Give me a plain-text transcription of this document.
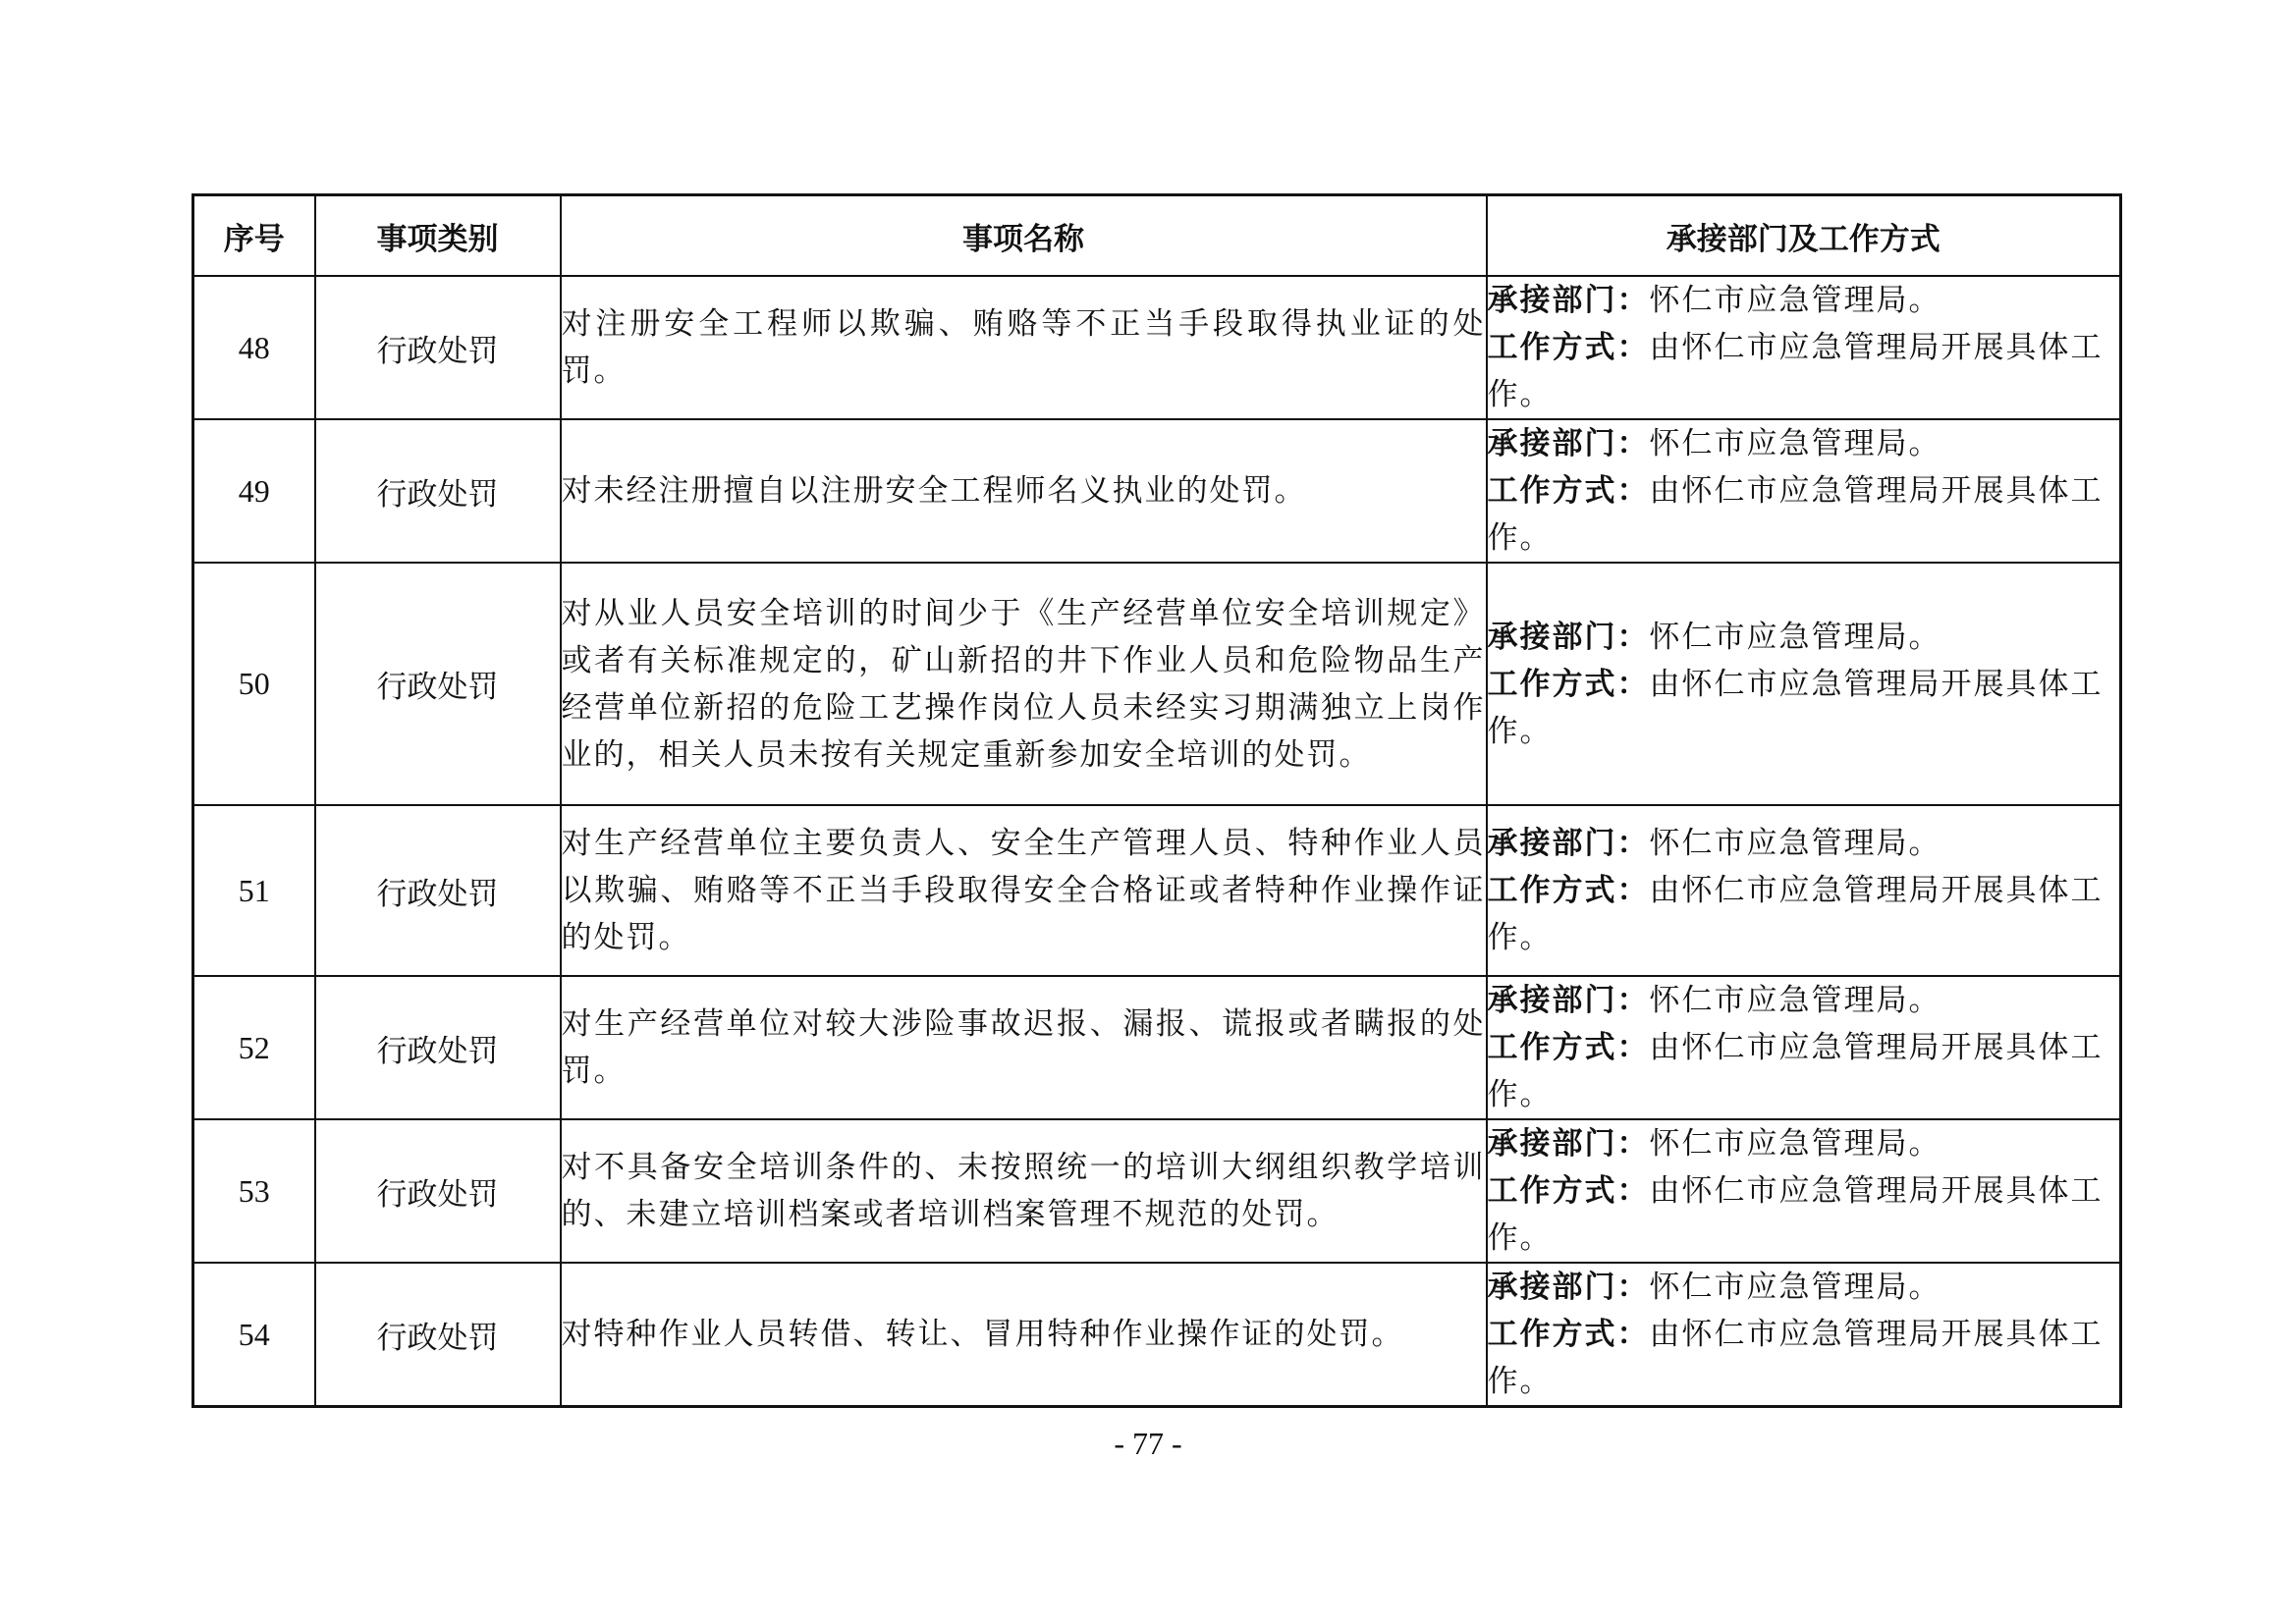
序号	事项类别	事项名称	承接部门及工作方式
48	行政处罚	对注册安全工程师以欺骗、贿赂等不正当手段取得执业证的处罚。	承接部门：怀仁市应急管理局。
工作方式：由怀仁市应急管理局开展具体工作。

49	行政处罚	对未经注册擅自以注册安全工程师名义执业的处罚。	承接部门：怀仁市应急管理局。
工作方式：由怀仁市应急管理局开展具体工作。

50	行政处罚	对从业人员安全培训的时间少于《生产经营单位安全培训规定》或者有关标准规定的，矿山新招的井下作业人员和危险物品生产经营单位新招的危险工艺操作岗位人员未经实习期满独立上岗作业的，相关人员未按有关规定重新参加安全培训的处罚。	承接部门：怀仁市应急管理局。
工作方式：由怀仁市应急管理局开展具体工作。

51	行政处罚	对生产经营单位主要负责人、安全生产管理人员、特种作业人员以欺骗、贿赂等不正当手段取得安全合格证或者特种作业操作证的处罚。	承接部门：怀仁市应急管理局。
工作方式：由怀仁市应急管理局开展具体工作。

52	行政处罚	对生产经营单位对较大涉险事故迟报、漏报、谎报或者瞒报的处罚。	承接部门：怀仁市应急管理局。
工作方式：由怀仁市应急管理局开展具体工作。

53	行政处罚	对不具备安全培训条件的、未按照统一的培训大纲组织教学培训的、未建立培训档案或者培训档案管理不规范的处罚。	承接部门：怀仁市应急管理局。
工作方式：由怀仁市应急管理局开展具体工作。

54	行政处罚	对特种作业人员转借、转让、冒用特种作业操作证的处罚。	承接部门：怀仁市应急管理局。
工作方式：由怀仁市应急管理局开展具体工作。
- 77 -
